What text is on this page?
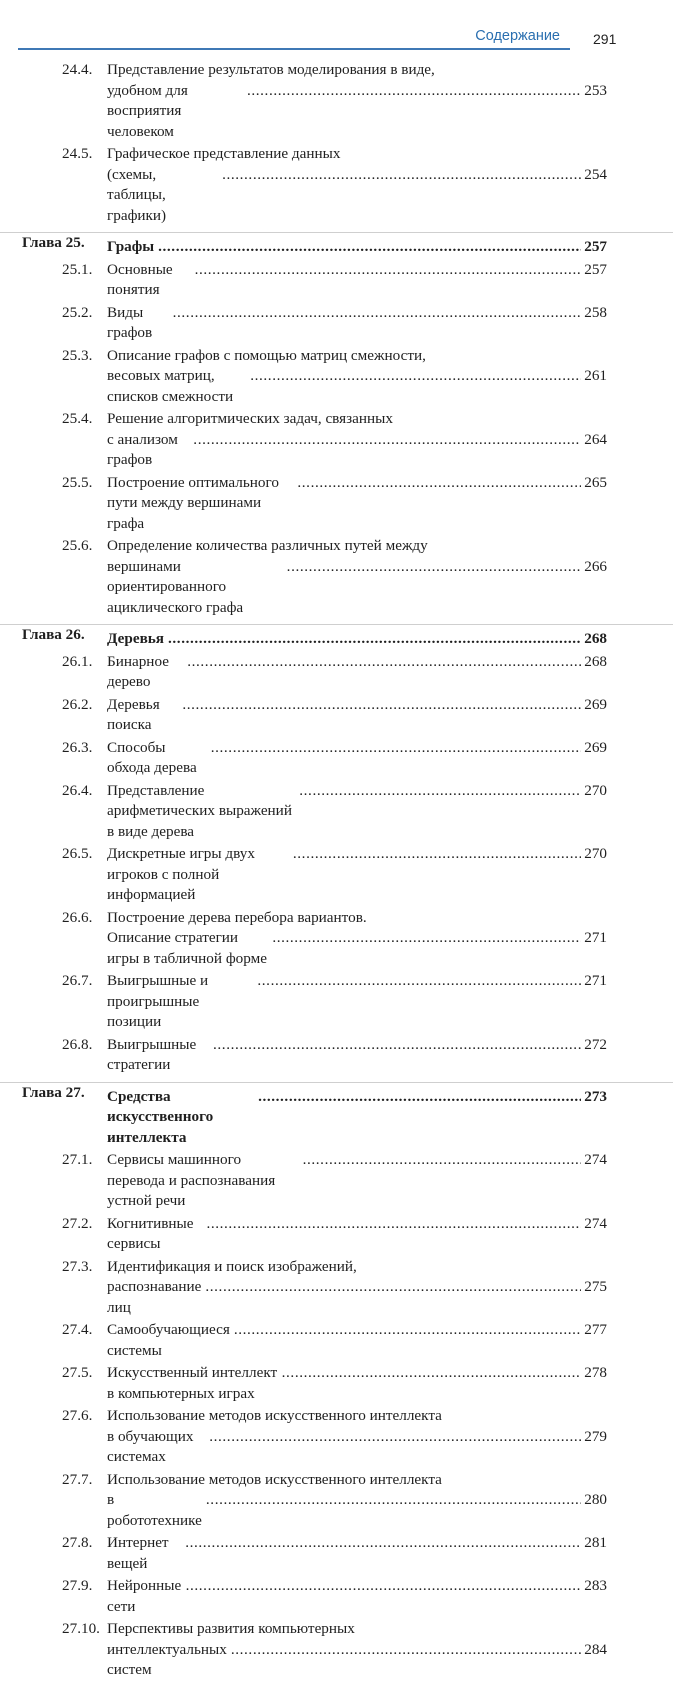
Содержание 291
24.4. Представление результатов моделирования в виде,
удобном для восприятия человеком
. . .
253
24.5. Графическое представление данных
(схемы, таблицы, графики)
. . .
254
Глава 25. Графы . . .	257
25.1. Основные понятия
. . .
257
25.2. Виды графов
. . .
258
25.3. Описание графов с помощью матриц смежности,
весовых матриц, списков смежности
. . .
261
25.4. Решение алгоритмических задач, связанных
с анализом графов
. . .
264
25.5. Построение оптимального пути между вершинами графа
. . .
265
25.6. Определение количества различных путей между
вершинами ориентированного ациклического графа
. . .
266
Глава 26. Деревья . . .	268
26.1. Бинарное дерево
. . .
268
26.2. Деревья поиска
. . .
269
26.3. Способы обхода дерева
. . .
269
26.4. Представление арифметических выражений в виде дерева
. . .
270
26.5. Дискретные игры двух игроков с полной информацией
. . .
270
26.6. Построение дерева перебора вариантов.
Описание стратегии игры в табличной форме
. . .
271
26.7. Выигрышные и проигрышные позиции
. . .
271
26.8. Выигрышные стратегии
. . .
272
Глава 27. Средства искусственного интеллекта
. . .
273
27.1. Сервисы машинного перевода и распознавания устной речи
. . .
274
27.2. Когнитивные сервисы
. . .
274
27.3. Идентификация и поиск изображений,
распознавание лиц
. . .
275
27.4. Самообучающиеся системы
. . .
277
27.5. Искусственный интеллект в компьютерных играх
. . .
278
27.6. Использование методов искусственного интеллекта
в обучающих системах
. . .
279
27.7. Использование методов искусственного интеллекта
в робототехнике
. . .
280
27.8. Интернет вещей
. . .
281
27.9. Нейронные сети
. . .
283
27.10. Перспективы развития компьютерных
интеллектуальных систем
. . .
284
